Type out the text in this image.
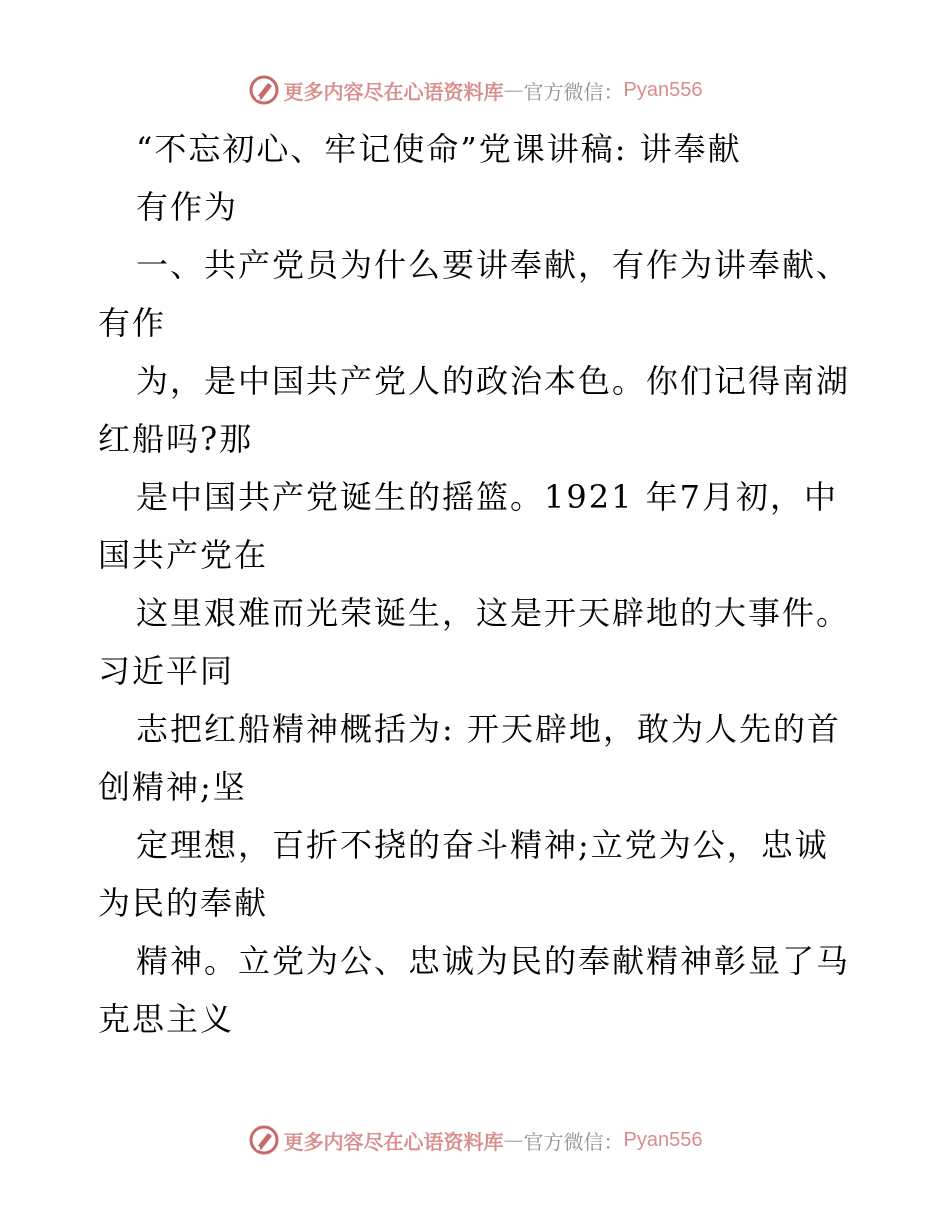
更多内容尽在心语资料库 — 官方微信： Pyan556
“不忘初心、牢记使命”党课讲稿: 讲奉献
有作为
一、共产党员为什么要讲奉献，有作为讲奉献、
有作
为，是中国共产党人的政治本色。你们记得南湖
红船吗?那
是中国共产党诞生的摇篮。1921 年7月初，中
国共产党在
这里艰难而光荣诞生，这是开天辟地的大事件。
习近平同
志把红船精神概括为: 开天辟地，敢为人先的首
创精神;坚
定理想，百折不挠的奋斗精神;立党为公，忠诚
为民的奉献
精神。立党为公、忠诚为民的奉献精神彰显了马
克思主义
更多内容尽在心语资料库 — 官方微信： Pyan556
